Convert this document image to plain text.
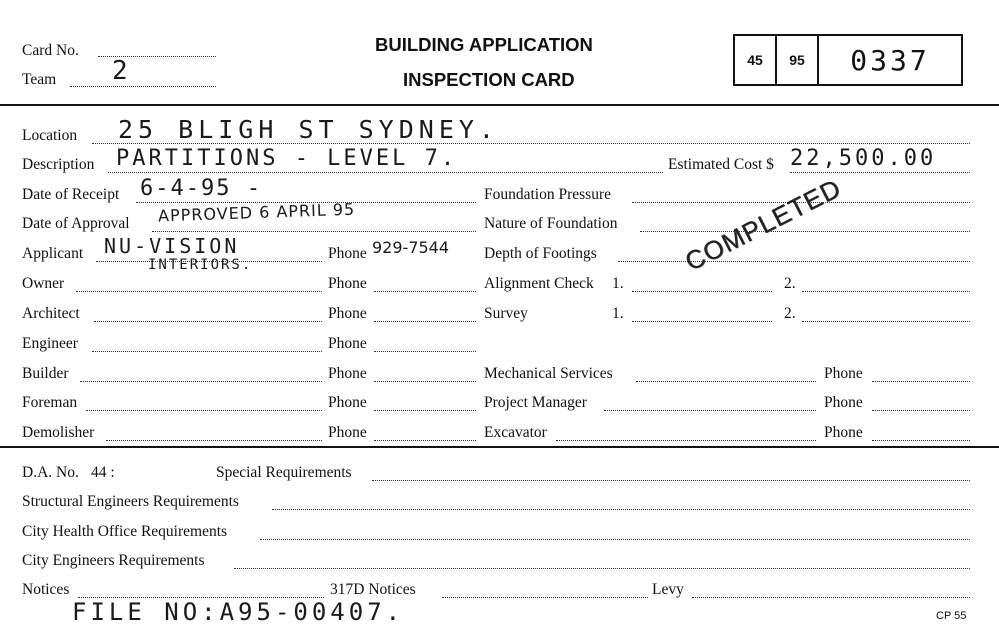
Card No.
Team 2
BUILDING APPLICATION
INSPECTION CARD
45	95	0337
Location 25 BLIGH ST SYDNEY.
Description PARTITIONS - LEVEL 7.	Estimated Cost $ 22,500.00
Date of Receipt 6-4-95 -	Foundation Pressure
Date of Approval APPROVED 6 APRIL 95	Nature of Foundation
Applicant NU-VISION
INTERIORS.
Phone 929-7544 Depth of Footings
Owner	Phone	Alignment Check 1.	2.
Architect	Phone	Survey	1.	2.
Engineer	Phone
Builder	Phone	Mechanical Services	Phone
Foreman	Phone	Project Manager	Phone
Demolisher	Phone	Excavator	Phone
COMPLETED
D.A. No. 44 :	Special Requirements
Structural Engineers Requirements
City Health Office Requirements
City Engineers Requirements
Notices	317D Notices	Levy
FILE NO:A95-00407.	CP 55
